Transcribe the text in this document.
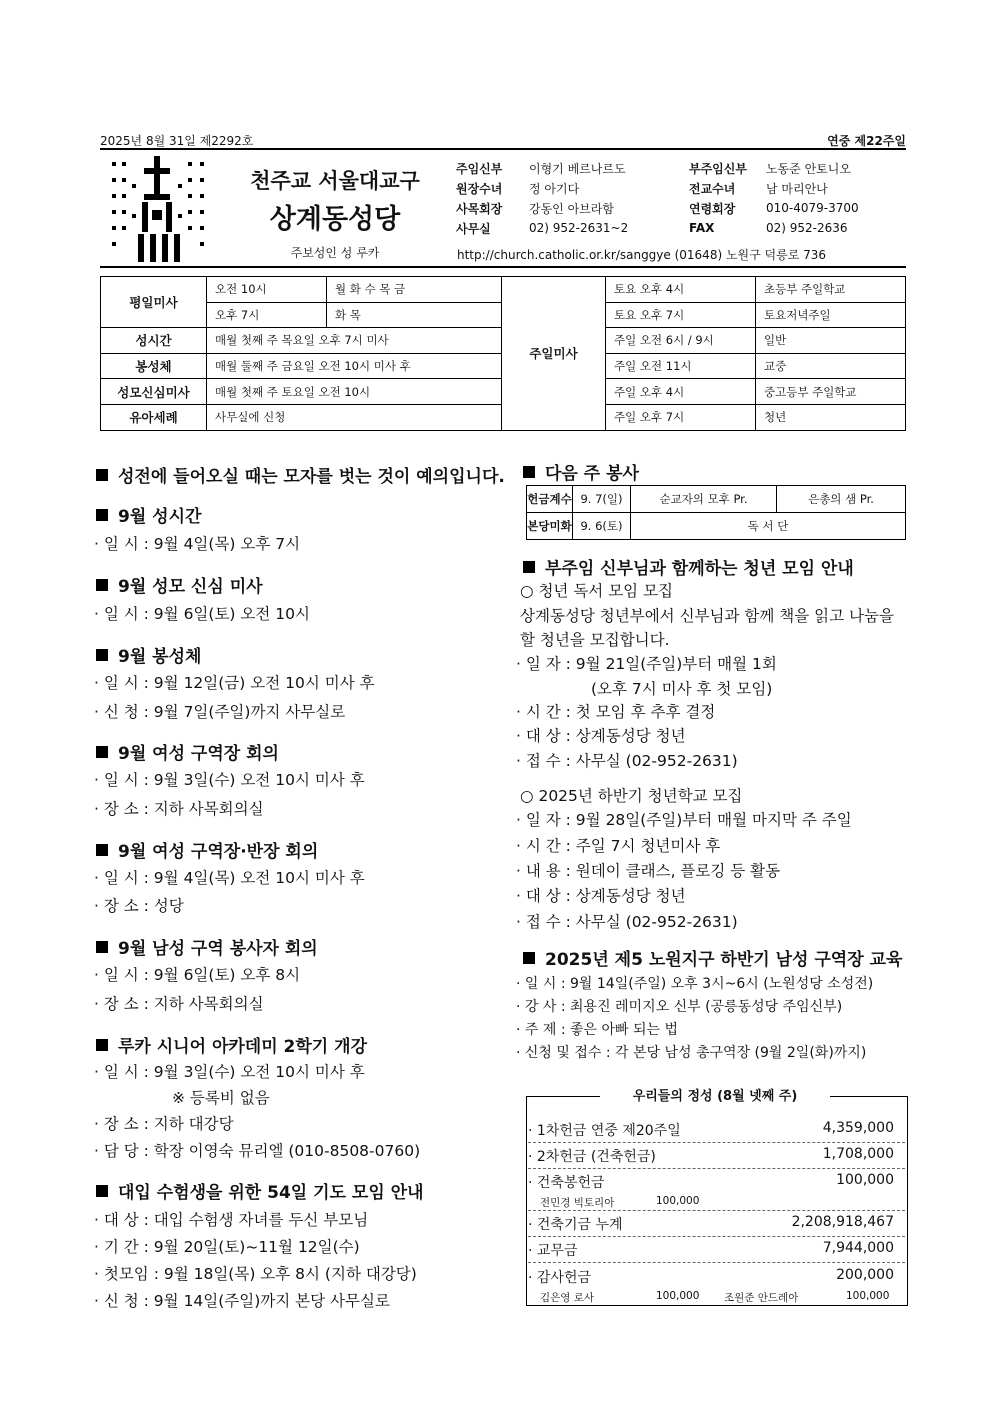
2025년 8월 31일 제2292호	연중 제22주일
천주교 서울대교구
상계동성당
주보성인 성 루카
주임신부	이형기 베르나르도	부주임신부	노동준 안토니오
원장수녀	정 아기다	전교수녀	남 마리안나
사목회장	강동인 아브라함	연령회장	010-4079-3700
사무실	02) 952-2631~2	FAX	02) 952-2636
http://church.catholic.or.kr/sanggye (01648) 노원구 덕릉로 736
평일미사	오전 10시	월 화 수 목 금	주일미사	토요 오후 4시	초등부 주일학교
	오후 7시	화 목		토요 오후 7시	토요저녁주일
성시간	매월 첫째 주 목요일 오후 7시 미사			주일 오전 6시 / 9시	일반
봉성체	매월 둘째 주 금요일 오전 10시 미사 후			주일 오전 11시	교중
성모신심미사	매월 첫째 주 토요일 오전 10시			주일 오후 4시	중고등부 주일학교
유아세례	사무실에 신청			주일 오후 7시	청년
성전에 들어오실 때는 모자를 벗는 것이 예의입니다.
9월 성시간
· 일 시 : 9월 4일(목) 오후 7시
9월 성모 신심 미사
· 일 시 : 9월 6일(토) 오전 10시
9월 봉성체
· 일 시 : 9월 12일(금) 오전 10시 미사 후
· 신 청 : 9월 7일(주일)까지 사무실로
9월 여성 구역장 회의
· 일 시 : 9월 3일(수) 오전 10시 미사 후
· 장 소 : 지하 사목회의실
9월 여성 구역장·반장 회의
· 일 시 : 9월 4일(목) 오전 10시 미사 후
· 장 소 : 성당
9월 남성 구역 봉사자 회의
· 일 시 : 9월 6일(토) 오후 8시
· 장 소 : 지하 사목회의실
루카 시니어 아카데미 2학기 개강
· 일 시 : 9월 3일(수) 오전 10시 미사 후
※ 등록비 없음
· 장 소 : 지하 대강당
· 담 당 : 학장 이영숙 뮤리엘 (010-8508-0760)
대입 수험생을 위한 54일 기도 모임 안내
· 대 상 : 대입 수험생 자녀를 두신 부모님
· 기 간 : 9월 20일(토)~11월 12일(수)
· 첫모임 : 9월 18일(목) 오후 8시 (지하 대강당)
· 신 청 : 9월 14일(주일)까지 본당 사무실로
다음 주 봉사
헌금계수	9. 7(일)	순교자의 모후 Pr.	은총의 샘 Pr.
본당미화	9. 6(토)	독 서 단	
부주임 신부님과 함께하는 청년 모임 안내
○ 청년 독서 모임 모집
상계동성당 청년부에서 신부님과 함께 책을 읽고 나눔을
할 청년을 모집합니다.
· 일 자 : 9월 21일(주일)부터 매월 1회
(오후 7시 미사 후 첫 모임)
· 시 간 : 첫 모임 후 추후 결정
· 대 상 : 상계동성당 청년
· 접 수 : 사무실 (02-952-2631)
○ 2025년 하반기 청년학교 모집
· 일 자 : 9월 28일(주일)부터 매월 마지막 주 주일
· 시 간 : 주일 7시 청년미사 후
· 내 용 : 원데이 클래스, 플로깅 등 활동
· 대 상 : 상계동성당 청년
· 접 수 : 사무실 (02-952-2631)
2025년 제5 노원지구 하반기 남성 구역장 교육
· 일 시 : 9월 14일(주일) 오후 3시~6시 (노원성당 소성전)
· 강 사 : 최용진 레미지오 신부 (공릉동성당 주임신부)
· 주 제 : 좋은 아빠 되는 법
· 신청 및 접수 : 각 본당 남성 총구역장 (9월 2일(화)까지)
우리들의 정성 (8월 넷째 주)
· 1차헌금 연중 제20주일	4,359,000
· 2차헌금 (건축헌금)	1,708,000
· 건축봉헌금	100,000
전민경 빅토리아	100,000
· 건축기금 누계	2,208,918,467
· 교무금	7,944,000
· 감사헌금	200,000
김은영 로사	100,000 조원준 안드레아	100,000
